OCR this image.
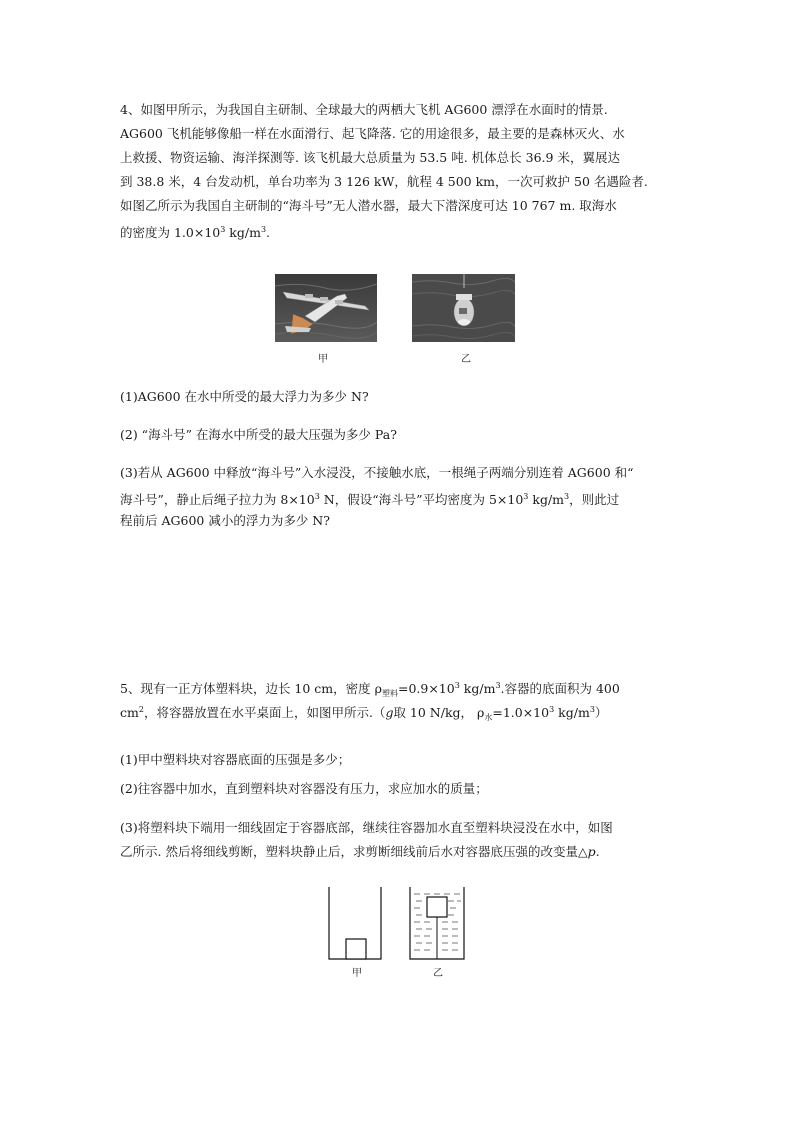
4、如图甲所示，为我国自主研制、全球最大的两栖大飞机 AG600 漂浮在水面时的情景.
AG600 飞机能够像船一样在水面滑行、起飞降落. 它的用途很多，最主要的是森林灭火、水
上救援、物资运输、海洋探测等. 该飞机最大总质量为 53.5 吨. 机体总长 36.9 米，翼展达
到 38.8 米，4 台发动机，单台功率为 3 126 kW，航程 4 500 km，一次可救护 50 名遇险者.
如图乙所示为我国自主研制的“海斗号”无人潜水器，最大下潜深度可达 10 767 m. 取海水
的密度为 $1.0\times 10^3$ $kg/m^3$.
甲	乙
(1)AG600 在水中所受的最大浮力为多少 N?
(2) “海斗号” 在海水中所受的最大压强为多少 Pa?
(3)若从 AG600 中释放“海斗号”入水浸没，不接触水底，一根绳子两端分别连着 AG600 和“
海斗号”，静止后绳子拉力为 $8\times 10^3$ N，假设“海斗号”平均密度为 $5\times 10^3$ $kg/m^3$，则此过
程前后 AG600 减小的浮力为多少 N?
5、现有一正方体塑料块，边长 10 cm，密度 $\rho_{塑料}=0.9\times 10^3$ $kg/m^3$.容器的底面积为 400
$cm^2$，将容器放置在水平桌面上，如图甲所示.（g取 10 N/kg， $\rho_水=1.0\times 10^3$ $kg/m^3$）
(1)甲中塑料块对容器底面的压强是多少；
(2)往容器中加水，直到塑料块对容器没有压力，求应加水的质量；
(3)将塑料块下端用一细线固定于容器底部，继续往容器加水直至塑料块浸没在水中，如图
乙所示. 然后将细线剪断，塑料块静止后，求剪断细线前后水对容器底压强的改变量△p.
甲	乙
